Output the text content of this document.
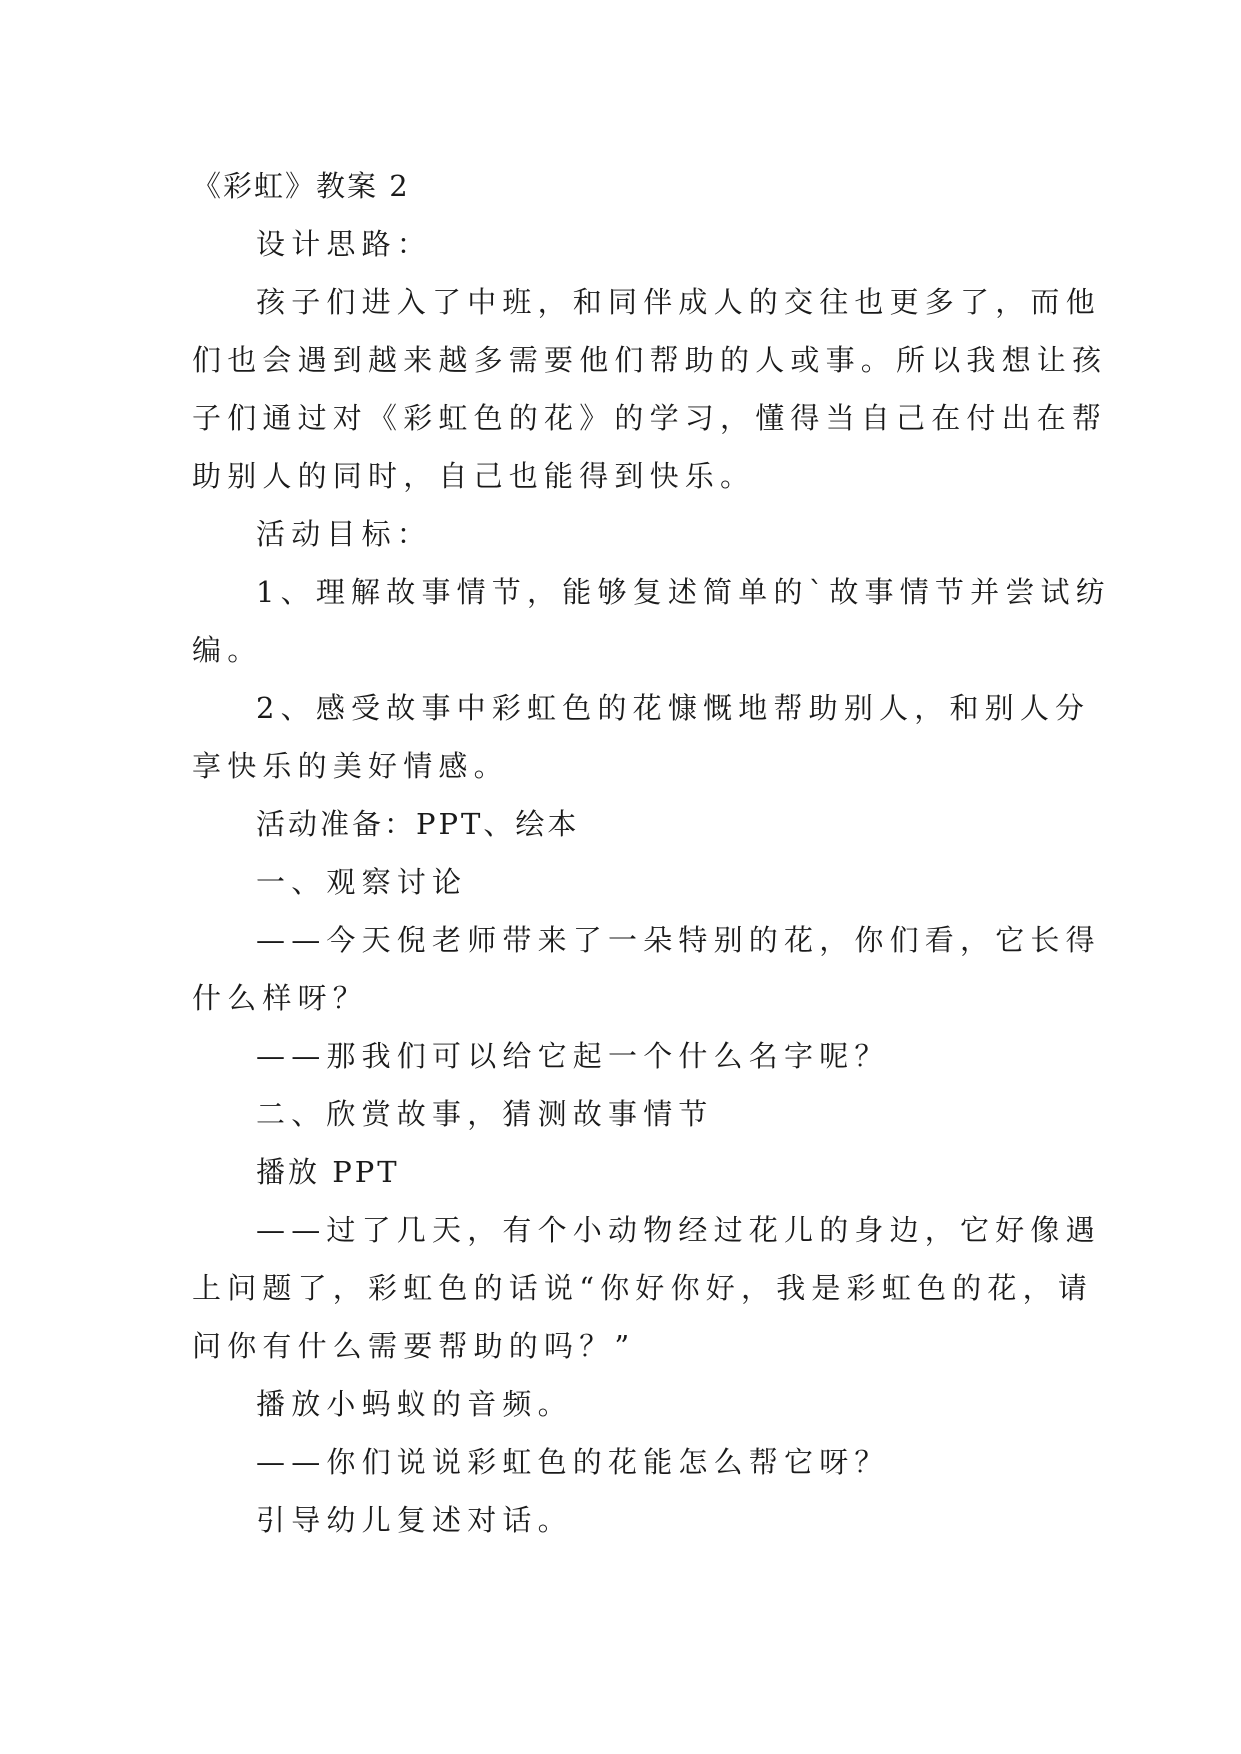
《彩虹》教案 2
设计思路：
孩子们进入了中班，和同伴成人的交往也更多了，而他
们也会遇到越来越多需要他们帮助的人或事。所以我想让孩
子们通过对《彩虹色的花》的学习，懂得当自己在付出在帮
助别人的同时，自己也能得到快乐。
活动目标：
1、理解故事情节，能够复述简单的`故事情节并尝试纺
编。
2、感受故事中彩虹色的花慷慨地帮助别人，和别人分
享快乐的美好情感。
活动准备：PPT、绘本
一、观察讨论
——今天倪老师带来了一朵特别的花，你们看，它长得
什么样呀？
——那我们可以给它起一个什么名字呢？
二、欣赏故事，猜测故事情节
播放 PPT
——过了几天，有个小动物经过花儿的身边，它好像遇
上问题了，彩虹色的话说“你好你好，我是彩虹色的花，请
问你有什么需要帮助的吗？”
播放小蚂蚁的音频。
——你们说说彩虹色的花能怎么帮它呀？
引导幼儿复述对话。
